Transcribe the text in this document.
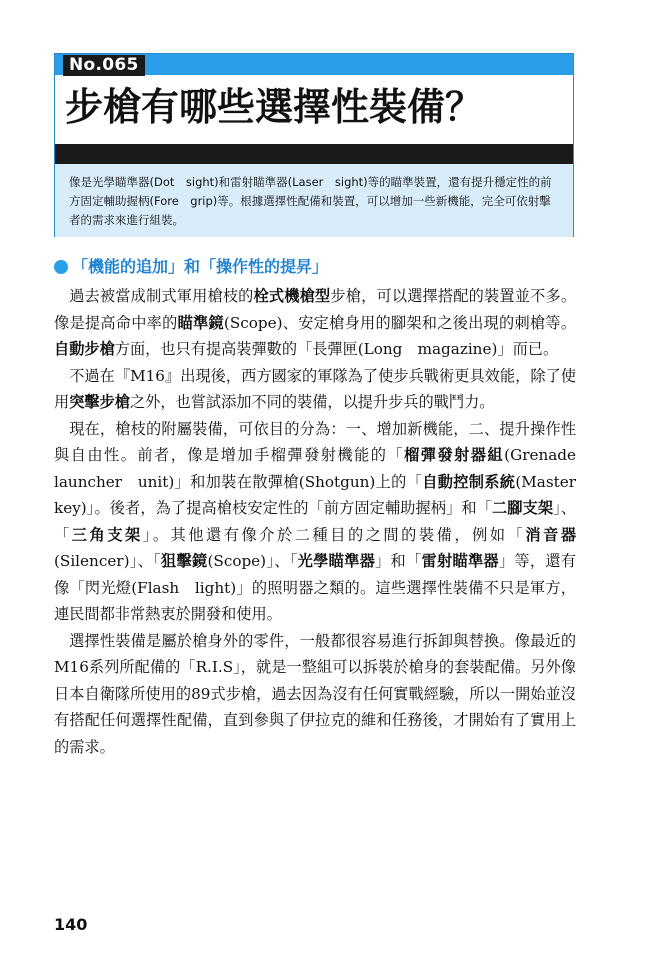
No.065
步槍有哪些選擇性裝備？

像是光學瞄準器(Dot　sight)和雷射瞄準器(Laser　sight)等的瞄準裝置，還有提升穩定性的前方固定輔助握柄(Fore　grip)等。根據選擇性配備和裝置，可以增加一些新機能，完全可依射擊者的需求來進行組裝。

「機能的追加」和「操作性的提昇」

過去被當成制式軍用槍枝的栓式機槍型步槍，可以選擇搭配的裝置並不多。像是提高命中率的瞄準鏡(Scope)、安定槍身用的腳架和之後出現的刺槍等。自動步槍方面，也只有提高裝彈數的「長彈匣(Long　magazine)」而已。

不過在『M16』出現後，西方國家的軍隊為了使步兵戰術更具效能，除了使用突擊步槍之外，也嘗試添加不同的裝備，以提升步兵的戰鬥力。

現在，槍枝的附屬裝備，可依目的分為：一、增加新機能，二、提升操作性與自由性。前者，像是增加手榴彈發射機能的「榴彈發射器組(Grenade　launcher　unit)」和加裝在散彈槍(Shotgun)上的「自動控制系統(Master　key)」。後者，為了提高槍枝安定性的「前方固定輔助握柄」和「二腳支架」、「三角支架」。其他還有像介於二種目的之間的裝備，例如「消音器(Silencer)」、「狙擊鏡(Scope)」、「光學瞄準器」和「雷射瞄準器」等，還有像「閃光燈(Flash　light)」的照明器之類的。這些選擇性裝備不只是軍方，連民間都非常熱衷於開發和使用。

選擇性裝備是屬於槍身外的零件，一般都很容易進行拆卸與替換。像最近的M16系列所配備的「R.I.S」，就是一整組可以拆裝於槍身的套裝配備。另外像日本自衛隊所使用的89式步槍，過去因為沒有任何實戰經驗，所以一開始並沒有搭配任何選擇性配備，直到參與了伊拉克的維和任務後，才開始有了實用上的需求。

140
